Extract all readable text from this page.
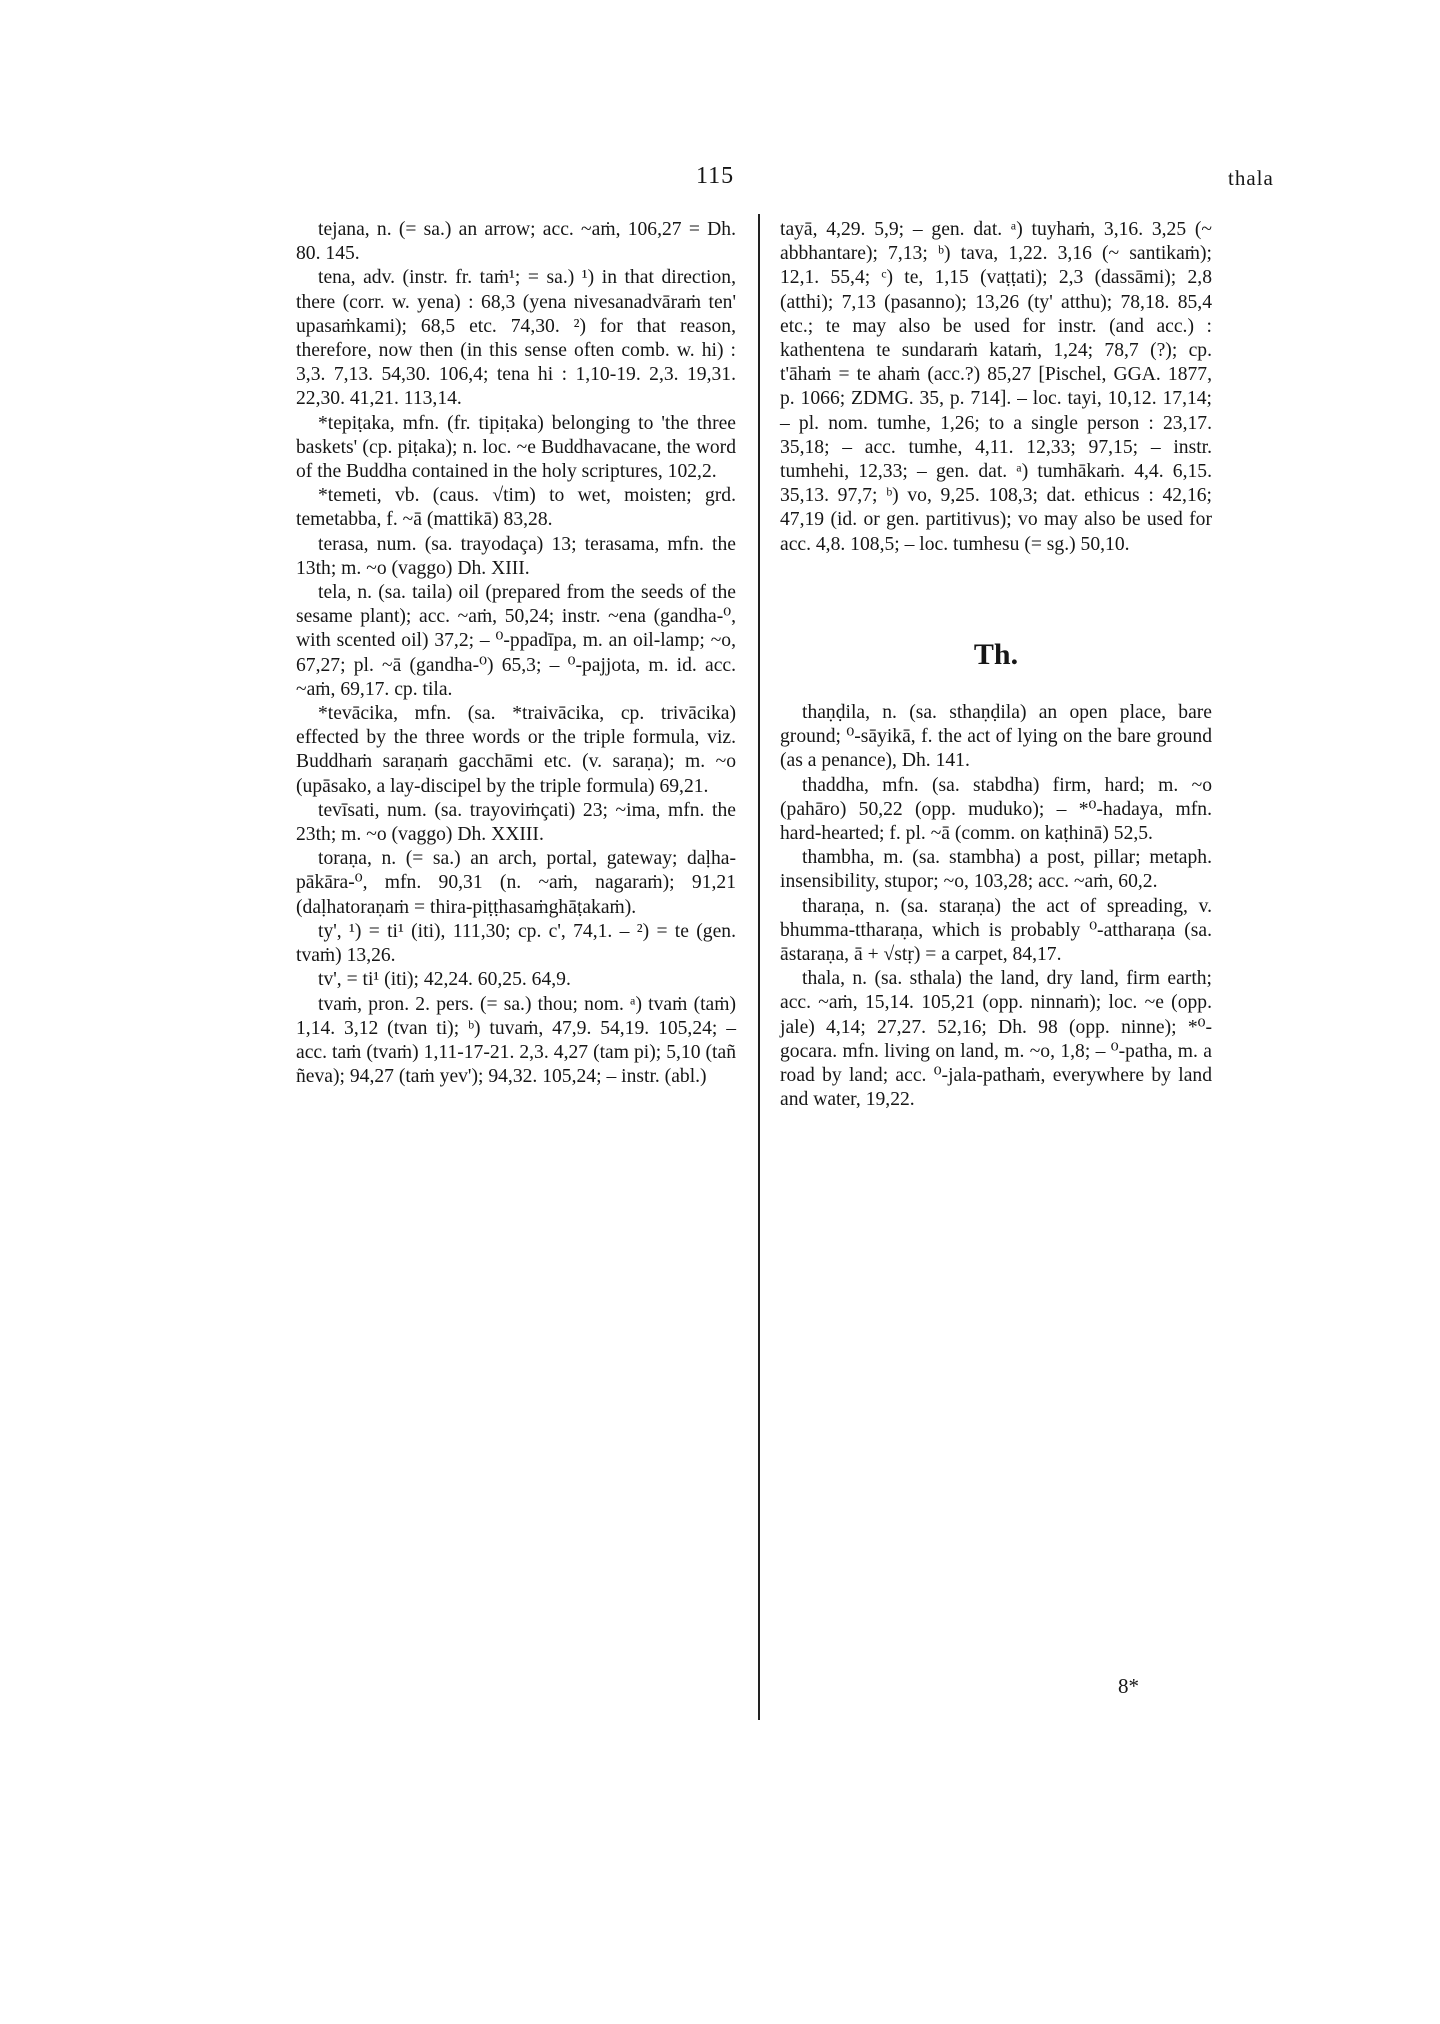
115	thala

tejana, n. (= sa.) an arrow; acc. ~aṁ, 106,27 = Dh. 80. 145.

tena, adv. (instr. fr. taṁ¹; = sa.) ¹) in that direction, there (corr. w. yena) : 68,3 (yena nivesanadvāraṁ ten' upasaṁkami); 68,5 etc. 74,30. ²) for that reason, therefore, now then (in this sense often comb. w. hi) : 3,3. 7,13. 54,30. 106,4; tena hi : 1,10-19. 2,3. 19,31. 22,30. 41,21. 113,14.

*tepiṭaka, mfn. (fr. tipiṭaka) belonging to 'the three baskets' (cp. piṭaka); n. loc. ~e Buddhavacane, the word of the Buddha contained in the holy scriptures, 102,2.

*temeti, vb. (caus. √tim) to wet, moisten; grd. temetabba, f. ~ā (mattikā) 83,28.

terasa, num. (sa. trayodaça) 13; terasama, mfn. the 13th; m. ~o (vaggo) Dh. XIII.

tela, n. (sa. taila) oil (prepared from the seeds of the sesame plant); acc. ~aṁ, 50,24; instr. ~ena (gandha-⁰, with scented oil) 37,2; – ⁰-ppadīpa, m. an oil-lamp; ~o, 67,27; pl. ~ā (gandha-⁰) 65,3; – ⁰-pajjota, m. id. acc. ~aṁ, 69,17. cp. tila.

*tevācika, mfn. (sa. *traivācika, cp. trivācika) effected by the three words or the triple formula, viz. Buddhaṁ saraṇaṁ gacchāmi etc. (v. saraṇa); m. ~o (upāsako, a lay-discipel by the triple formula) 69,21.

tevīsati, num. (sa. trayoviṁçati) 23; ~ima, mfn. the 23th; m. ~o (vaggo) Dh. XXIII.

toraṇa, n. (= sa.) an arch, portal, gateway; daḷha-pākāra-⁰, mfn. 90,31 (n. ~aṁ, nagaraṁ); 91,21 (daḷhatoraṇaṁ = thira-piṭṭhasaṁghāṭakaṁ).

ty', ¹) = ti¹ (iti), 111,30; cp. c', 74,1. – ²) = te (gen. tvaṁ) 13,26.

tv', = ti¹ (iti); 42,24. 60,25. 64,9.

tvaṁ, pron. 2. pers. (= sa.) thou; nom. ᵃ) tvaṁ (taṁ) 1,14. 3,12 (tvan ti); ᵇ) tuvaṁ, 47,9. 54,19. 105,24; – acc. taṁ (tvaṁ) 1,11-17-21. 2,3. 4,27 (tam pi); 5,10 (tañ ñeva); 94,27 (taṁ yev'); 94,32. 105,24; – instr. (abl.)

tayā, 4,29. 5,9; – gen. dat. ᵃ) tuyhaṁ, 3,16. 3,25 (~ abbhantare); 7,13; ᵇ) tava, 1,22. 3,16 (~ santikaṁ); 12,1. 55,4; ᶜ) te, 1,15 (vaṭṭati); 2,3 (dassāmi); 2,8 (atthi); 7,13 (pasanno); 13,26 (ty' atthu); 78,18. 85,4 etc.; te may also be used for instr. (and acc.) : kathentena te sundaraṁ kataṁ, 1,24; 78,7 (?); cp. t'āhaṁ = te ahaṁ (acc.?) 85,27 [Pischel, GGA. 1877, p. 1066; ZDMG. 35, p. 714]. – loc. tayi, 10,12. 17,14; – pl. nom. tumhe, 1,26; to a single person : 23,17. 35,18; – acc. tumhe, 4,11. 12,33; 97,15; – instr. tumhehi, 12,33; – gen. dat. ᵃ) tumhākaṁ. 4,4. 6,15. 35,13. 97,7; ᵇ) vo, 9,25. 108,3; dat. ethicus : 42,16; 47,19 (id. or gen. partitivus); vo may also be used for acc. 4,8. 108,5; – loc. tumhesu (= sg.) 50,10.

Th.

thaṇḍila, n. (sa. sthaṇḍila) an open place, bare ground; ⁰-sāyikā, f. the act of lying on the bare ground (as a penance), Dh. 141.

thaddha, mfn. (sa. stabdha) firm, hard; m. ~o (pahāro) 50,22 (opp. muduko); – *⁰-hadaya, mfn. hard-hearted; f. pl. ~ā (comm. on kaṭhinā) 52,5.

thambha, m. (sa. stambha) a post, pillar; metaph. insensibility, stupor; ~o, 103,28; acc. ~aṁ, 60,2.

tharaṇa, n. (sa. staraṇa) the act of spreading, v. bhumma-ttharaṇa, which is probably ⁰-attharaṇa (sa. āstaraṇa, ā + √stṛ) = a carpet, 84,17.

thala, n. (sa. sthala) the land, dry land, firm earth; acc. ~aṁ, 15,14. 105,21 (opp. ninnaṁ); loc. ~e (opp. jale) 4,14; 27,27. 52,16; Dh. 98 (opp. ninne); *⁰-gocara. mfn. living on land, m. ~o, 1,8; – ⁰-patha, m. a road by land; acc. ⁰-jala-pathaṁ, everywhere by land and water, 19,22.

8*
